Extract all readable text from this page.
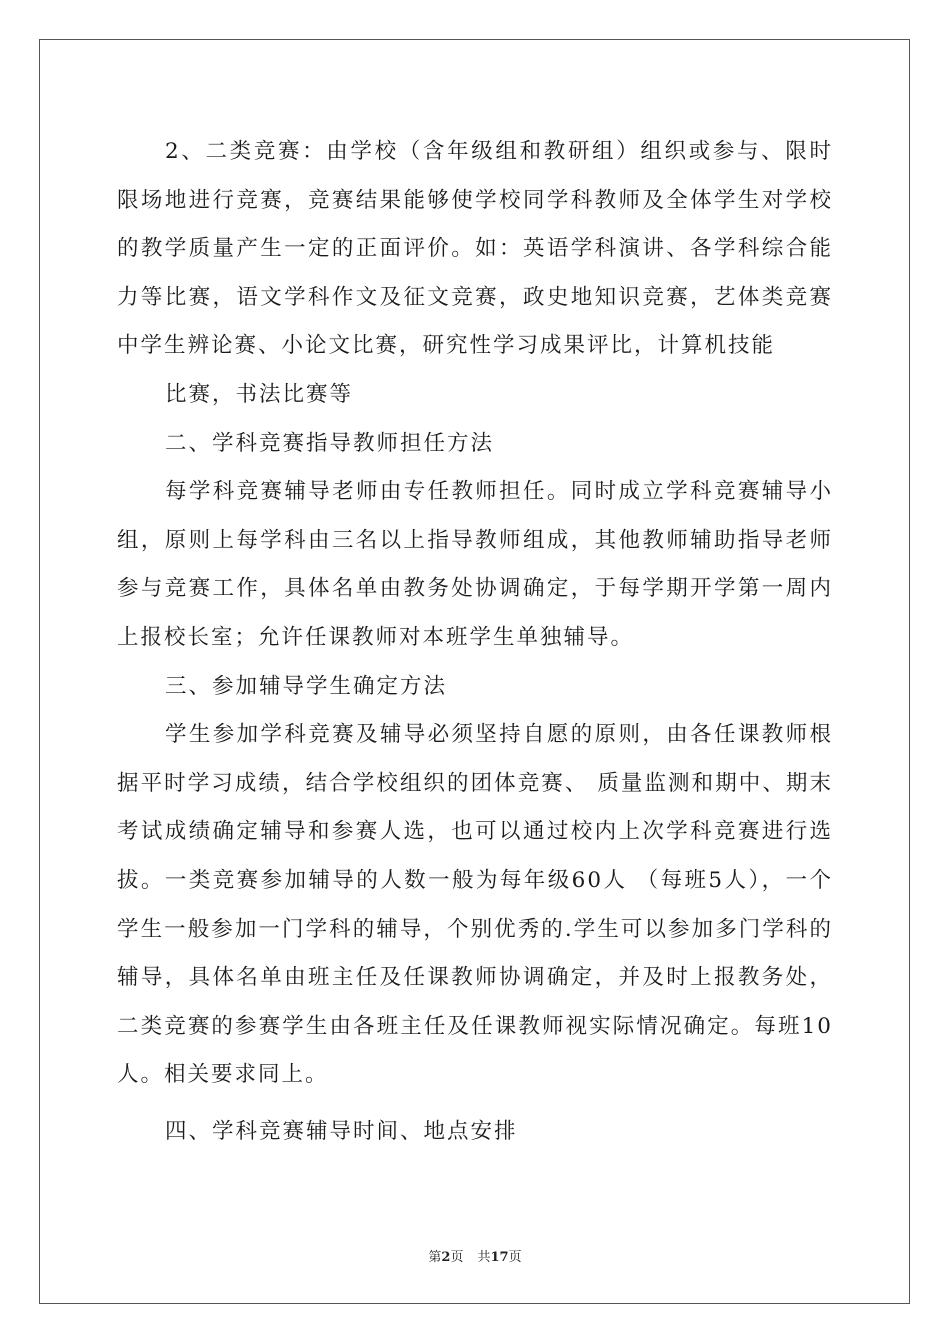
2、二类竞赛：由学校（含年级组和教研组）组织或参与、限时限场地进行竞赛，竞赛结果能够使学校同学科教师及全体学生对学校的教学质量产生一定的正面评价。如：英语学科演讲、各学科综合能力等比赛，语文学科作文及征文竞赛，政史地知识竞赛，艺体类竞赛中学生辨论赛、小论文比赛，研究性学习成果评比，计算机技能

比赛，书法比赛等

二、学科竞赛指导教师担任方法

每学科竞赛辅导老师由专任教师担任。同时成立学科竞赛辅导小组，原则上每学科由三名以上指导教师组成，其他教师辅助指导老师参与竞赛工作，具体名单由教务处协调确定，于每学期开学第一周内上报校长室；允许任课教师对本班学生单独辅导。

三、参加辅导学生确定方法

学生参加学科竞赛及辅导必须坚持自愿的原则，由各任课教师根据平时学习成绩，结合学校组织的团体竞赛、 质量监测和期中、期末考试成绩确定辅导和参赛人选，也可以通过校内上次学科竞赛进行选拔。一类竞赛参加辅导的人数一般为每年级60人 （每班5人），一个学生一般参加一门学科的辅导，个别优秀的.学生可以参加多门学科的辅导，具体名单由班主任及任课教师协调确定，并及时上报教务处，二类竞赛的参赛学生由各班主任及任课教师视实际情况确定。每班10人。相关要求同上。

四、学科竞赛辅导时间、地点安排

第2页 共17页
